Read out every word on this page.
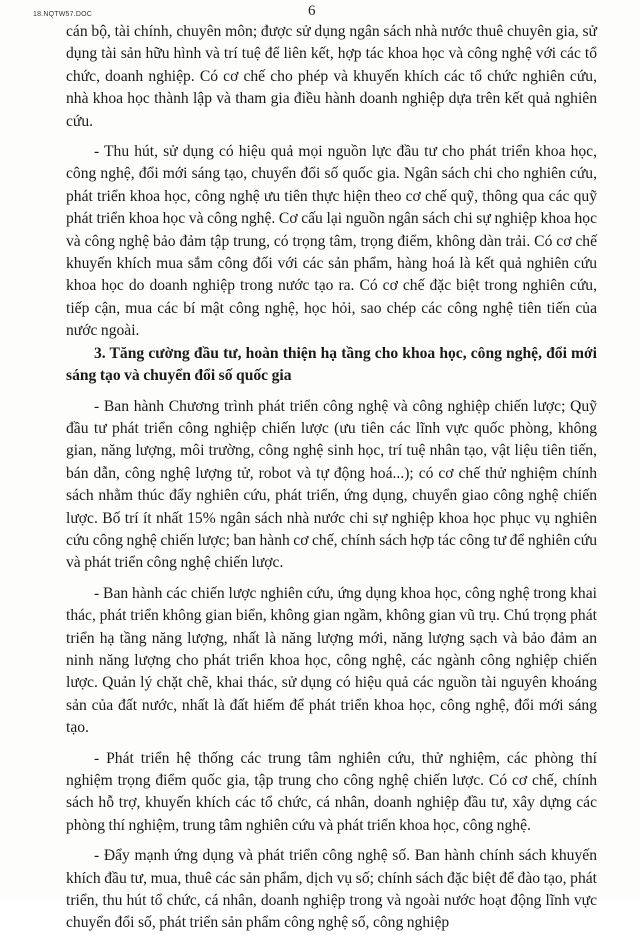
18.NQTW57.DOC	6

cán bộ, tài chính, chuyên môn; được sử dụng ngân sách nhà nước thuê chuyên gia, sử dụng tài sản hữu hình và trí tuệ để liên kết, hợp tác khoa học và công nghệ với các tổ chức, doanh nghiệp. Có cơ chế cho phép và khuyến khích các tổ chức nghiên cứu, nhà khoa học thành lập và tham gia điều hành doanh nghiệp dựa trên kết quả nghiên cứu.

- Thu hút, sử dụng có hiệu quả mọi nguồn lực đầu tư cho phát triển khoa học, công nghệ, đổi mới sáng tạo, chuyển đổi số quốc gia. Ngân sách chi cho nghiên cứu, phát triển khoa học, công nghệ ưu tiên thực hiện theo cơ chế quỹ, thông qua các quỹ phát triển khoa học và công nghệ. Cơ cấu lại nguồn ngân sách chi sự nghiệp khoa học và công nghệ bảo đảm tập trung, có trọng tâm, trọng điểm, không dàn trải. Có cơ chế khuyến khích mua sắm công đối với các sản phẩm, hàng hoá là kết quả nghiên cứu khoa học do doanh nghiệp trong nước tạo ra. Có cơ chế đặc biệt trong nghiên cứu, tiếp cận, mua các bí mật công nghệ, học hỏi, sao chép các công nghệ tiên tiến của nước ngoài.

3. Tăng cường đầu tư, hoàn thiện hạ tầng cho khoa học, công nghệ, đổi mới sáng tạo và chuyển đổi số quốc gia

- Ban hành Chương trình phát triển công nghệ và công nghiệp chiến lược; Quỹ đầu tư phát triển công nghiệp chiến lược (ưu tiên các lĩnh vực quốc phòng, không gian, năng lượng, môi trường, công nghệ sinh học, trí tuệ nhân tạo, vật liệu tiên tiến, bán dẫn, công nghệ lượng tử, robot và tự động hoá...); có cơ chế thử nghiệm chính sách nhằm thúc đẩy nghiên cứu, phát triển, ứng dụng, chuyển giao công nghệ chiến lược. Bố trí ít nhất 15% ngân sách nhà nước chi sự nghiệp khoa học phục vụ nghiên cứu công nghệ chiến lược; ban hành cơ chế, chính sách hợp tác công tư để nghiên cứu và phát triển công nghệ chiến lược.

- Ban hành các chiến lược nghiên cứu, ứng dụng khoa học, công nghệ trong khai thác, phát triển không gian biển, không gian ngầm, không gian vũ trụ. Chú trọng phát triển hạ tầng năng lượng, nhất là năng lượng mới, năng lượng sạch và bảo đảm an ninh năng lượng cho phát triển khoa học, công nghệ, các ngành công nghiệp chiến lược. Quản lý chặt chẽ, khai thác, sử dụng có hiệu quả các nguồn tài nguyên khoáng sản của đất nước, nhất là đất hiếm để phát triển khoa học, công nghệ, đổi mới sáng tạo.

- Phát triển hệ thống các trung tâm nghiên cứu, thử nghiệm, các phòng thí nghiệm trọng điểm quốc gia, tập trung cho công nghệ chiến lược. Có cơ chế, chính sách hỗ trợ, khuyến khích các tổ chức, cá nhân, doanh nghiệp đầu tư, xây dựng các phòng thí nghiệm, trung tâm nghiên cứu và phát triển khoa học, công nghệ.

- Đẩy mạnh ứng dụng và phát triển công nghệ số. Ban hành chính sách khuyến khích đầu tư, mua, thuê các sản phẩm, dịch vụ số; chính sách đặc biệt để đào tạo, phát triển, thu hút tổ chức, cá nhân, doanh nghiệp trong và ngoài nước hoạt động lĩnh vực chuyển đổi số, phát triển sản phẩm công nghệ số, công nghiệp
